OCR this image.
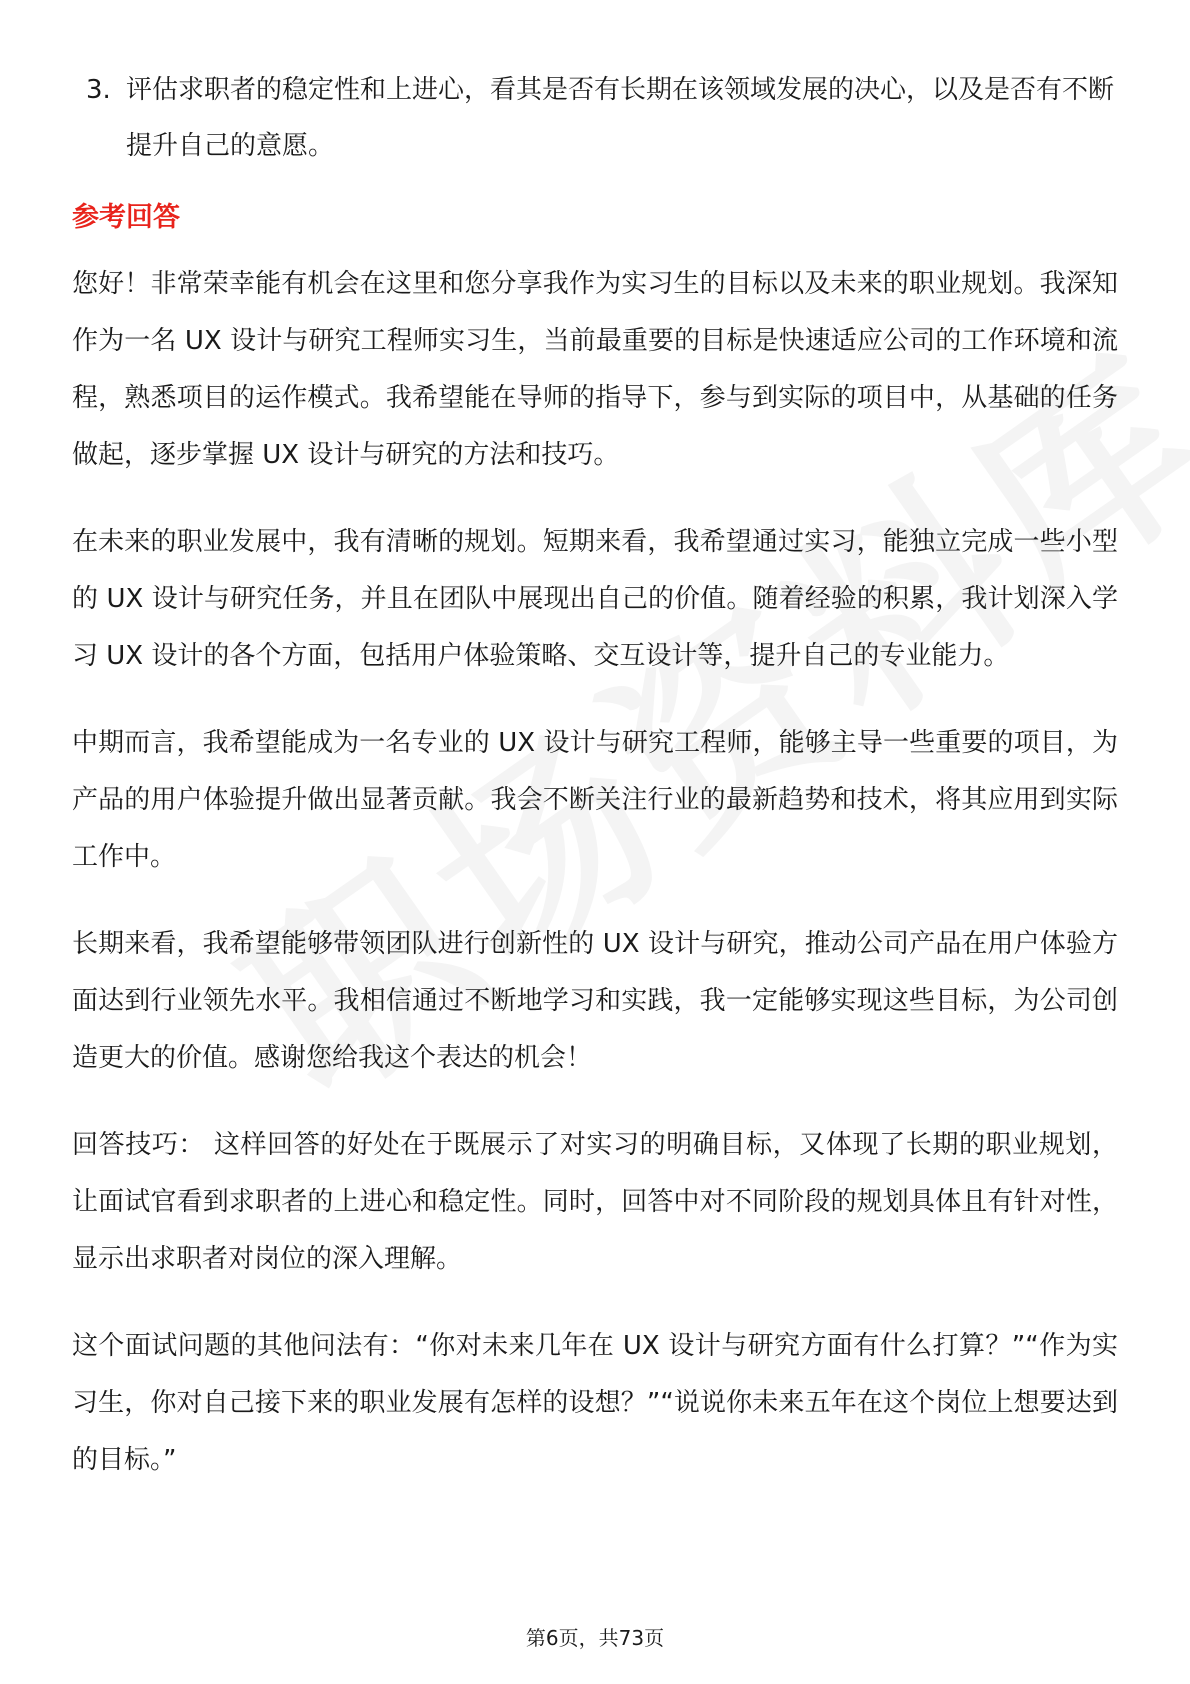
3. 评估求职者的稳定性和上进心，看其是否有长期在该领域发展的决心，以及是否有不断提升自己的意愿。
参考回答

您好！非常荣幸能有机会在这里和您分享我作为实习生的目标以及未来的职业规划。我深知作为一名 UX 设计与研究工程师实习生，当前最重要的目标是快速适应公司的工作环境和流程，熟悉项目的运作模式。我希望能在导师的指导下，参与到实际的项目中，从基础的任务做起，逐步掌握 UX 设计与研究的方法和技巧。

在未来的职业发展中，我有清晰的规划。短期来看，我希望通过实习，能独立完成一些小型的 UX 设计与研究任务，并且在团队中展现出自己的价值。随着经验的积累，我计划深入学习 UX 设计的各个方面，包括用户体验策略、交互设计等，提升自己的专业能力。

中期而言，我希望能成为一名专业的 UX 设计与研究工程师，能够主导一些重要的项目，为产品的用户体验提升做出显著贡献。我会不断关注行业的最新趋势和技术，将其应用到实际工作中。

长期来看，我希望能够带领团队进行创新性的 UX 设计与研究，推动公司产品在用户体验方面达到行业领先水平。我相信通过不断地学习和实践，我一定能够实现这些目标，为公司创造更大的价值。感谢您给我这个表达的机会！

回答技巧： 这样回答的好处在于既展示了对实习的明确目标，又体现了长期的职业规划，让面试官看到求职者的上进心和稳定性。同时，回答中对不同阶段的规划具体且有针对性，显示出求职者对岗位的深入理解。

这个面试问题的其他问法有：“你对未来几年在 UX 设计与研究方面有什么打算？”“作为实习生，你对自己接下来的职业发展有怎样的设想？”“说说你未来五年在这个岗位上想要达到的目标。”

第6页，共73页
